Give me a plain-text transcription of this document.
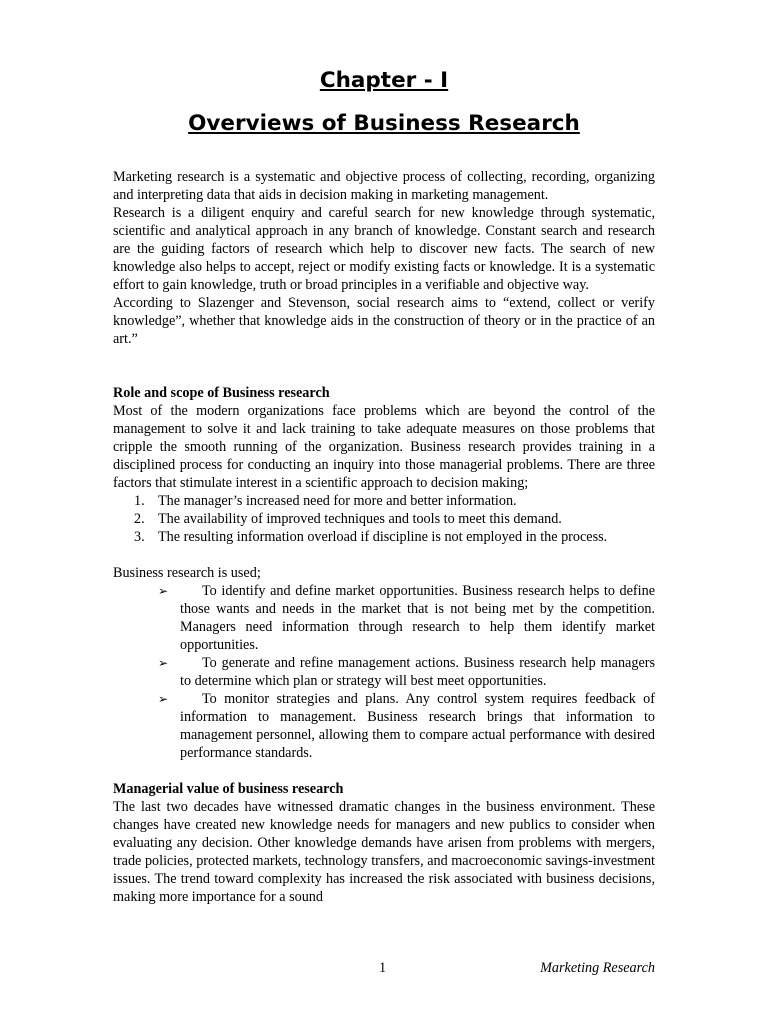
Chapter - I
Overviews of Business Research

Marketing research is a systematic and objective process of collecting, recording, organizing and interpreting data that aids in decision making in marketing management.

Research is a diligent enquiry and careful search for new knowledge through systematic, scientific and analytical approach in any branch of knowledge. Constant search and research are the guiding factors of research which help to discover new facts. The search of new knowledge also helps to accept, reject or modify existing facts or knowledge. It is a systematic effort to gain knowledge, truth or broad principles in a verifiable and objective way.

According to Slazenger and Stevenson, social research aims to “extend, collect or verify knowledge”, whether that knowledge aids in the construction of theory or in the practice of an art.”

Role and scope of Business research

Most of the modern organizations face problems which are beyond the control of the management to solve it and lack training to take adequate measures on those problems that cripple the smooth running of the organization. Business research provides training in a disciplined process for conducting an inquiry into those managerial problems. There are three factors that stimulate interest in a scientific approach to decision making;

1. The manager’s increased need for more and better information.
2. The availability of improved techniques and tools to meet this demand.
3. The resulting information overload if discipline is not employed in the process.

Business research is used;

➢ To identify and define market opportunities. Business research helps to define those wants and needs in the market that is not being met by the competition. Managers need information through research to help them identify market opportunities.
➢ To generate and refine management actions. Business research help managers to determine which plan or strategy will best meet opportunities.
➢ To monitor strategies and plans. Any control system requires feedback of information to management. Business research brings that information to management personnel, allowing them to compare actual performance with desired performance standards.

Managerial value of business research

The last two decades have witnessed dramatic changes in the business environment. These changes have created new knowledge needs for managers and new publics to consider when evaluating any decision. Other knowledge demands have arisen from problems with mergers, trade policies, protected markets, technology transfers, and macroeconomic savings-investment issues. The trend toward complexity has increased the risk associated with business decisions, making more importance for a sound

1	Marketing Research
